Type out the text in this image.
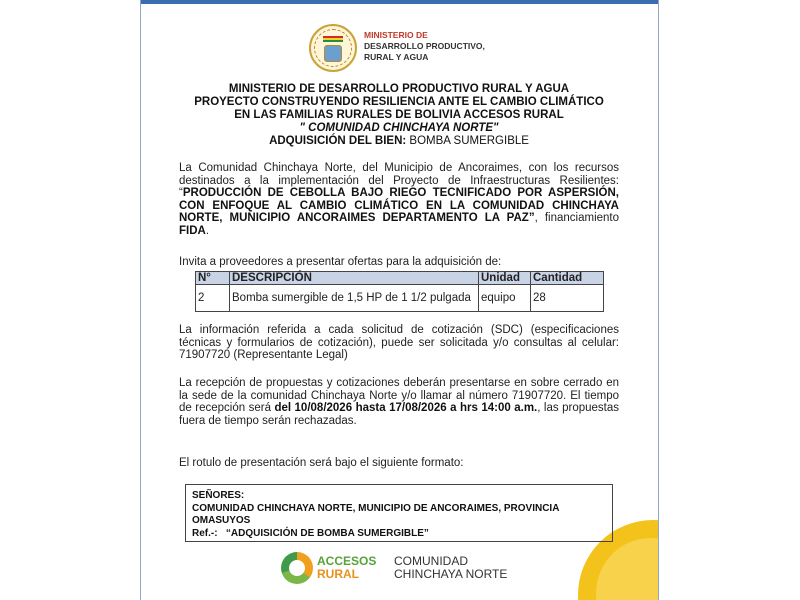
MINISTERIO DE
DESARROLLO PRODUCTIVO,
RURAL Y AGUA
MINISTERIO DE DESARROLLO PRODUCTIVO RURAL Y AGUA
PROYECTO CONSTRUYENDO RESILIENCIA ANTE EL CAMBIO CLIMÁTICO
EN LAS FAMILIAS RURALES DE BOLIVIA ACCESOS RURAL
" COMUNIDAD CHINCHAYA NORTE"
ADQUISICIÓN DEL BIEN: BOMBA SUMERGIBLE
La Comunidad Chinchaya Norte, del Municipio de Ancoraimes, con los recursos destinados a la implementación del Proyecto de Infraestructuras Resilientes: “PRODUCCIÓN DE CEBOLLA BAJO RIEGO TECNIFICADO POR ASPERSIÓN, CON ENFOQUE AL CAMBIO CLIMÁTICO EN LA COMUNIDAD CHINCHAYA NORTE, MUNICIPIO ANCORAIMES DEPARTAMENTO LA PAZ”, financiamiento FIDA.
Invita a proveedores a presentar ofertas para la adquisición de:
N°	DESCRIPCIÓN	Unidad	Cantidad
2	Bomba sumergible de 1,5 HP de 1 1/2 pulgada	equipo	28
La información referida a cada solicitud de cotización (SDC) (especificaciones técnicas y formularios de cotización), puede ser solicitada y/o consultas al celular: 71907720 (Representante Legal)
La recepción de propuestas y cotizaciones deberán presentarse en sobre cerrado en la sede de la comunidad Chinchaya Norte y/o llamar al número 71907720. El tiempo de recepción será del 10/08/2026 hasta 17/08/2026 a hrs 14:00 a.m., las propuestas fuera de tiempo serán rechazadas.
El rotulo de presentación será bajo el siguiente formato:
SEÑORES:
COMUNIDAD CHINCHAYA NORTE, MUNICIPIO DE ANCORAIMES, PROVINCIA OMASUYOS
Ref.-: “ADQUISICIÓN DE BOMBA SUMERGIBLE”
ACCESOS
RURAL
COMUNIDAD
CHINCHAYA NORTE
